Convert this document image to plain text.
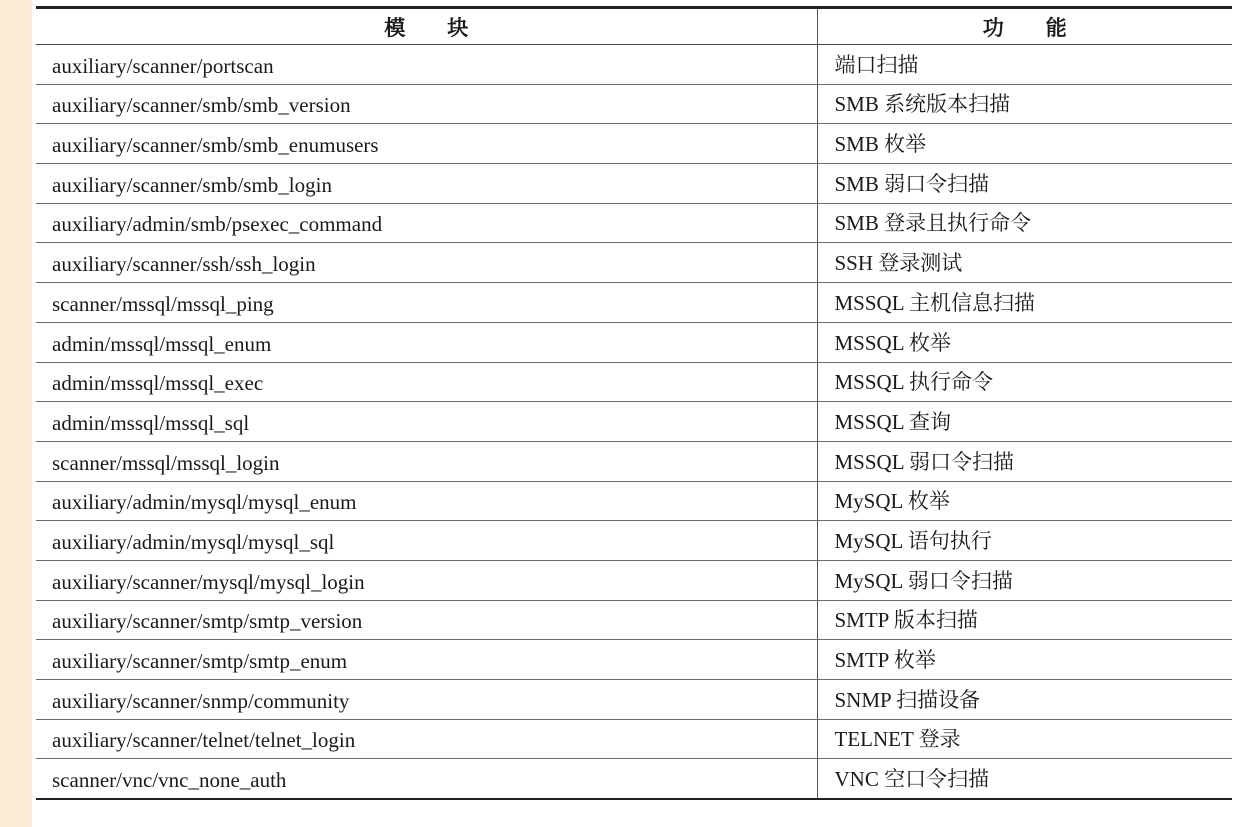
模　　块	功　　能
auxiliary/scanner/portscan	端口扫描
auxiliary/scanner/smb/smb_version	SMB 系统版本扫描
auxiliary/scanner/smb/smb_enumusers	SMB 枚举
auxiliary/scanner/smb/smb_login	SMB 弱口令扫描
auxiliary/admin/smb/psexec_command	SMB 登录且执行命令
auxiliary/scanner/ssh/ssh_login	SSH 登录测试
scanner/mssql/mssql_ping	MSSQL 主机信息扫描
admin/mssql/mssql_enum	MSSQL 枚举
admin/mssql/mssql_exec	MSSQL 执行命令
admin/mssql/mssql_sql	MSSQL 查询
scanner/mssql/mssql_login	MSSQL 弱口令扫描
auxiliary/admin/mysql/mysql_enum	MySQL 枚举
auxiliary/admin/mysql/mysql_sql	MySQL 语句执行
auxiliary/scanner/mysql/mysql_login	MySQL 弱口令扫描
auxiliary/scanner/smtp/smtp_version	SMTP 版本扫描
auxiliary/scanner/smtp/smtp_enum	SMTP 枚举
auxiliary/scanner/snmp/community	SNMP 扫描设备
auxiliary/scanner/telnet/telnet_login	TELNET 登录
scanner/vnc/vnc_none_auth	VNC 空口令扫描
